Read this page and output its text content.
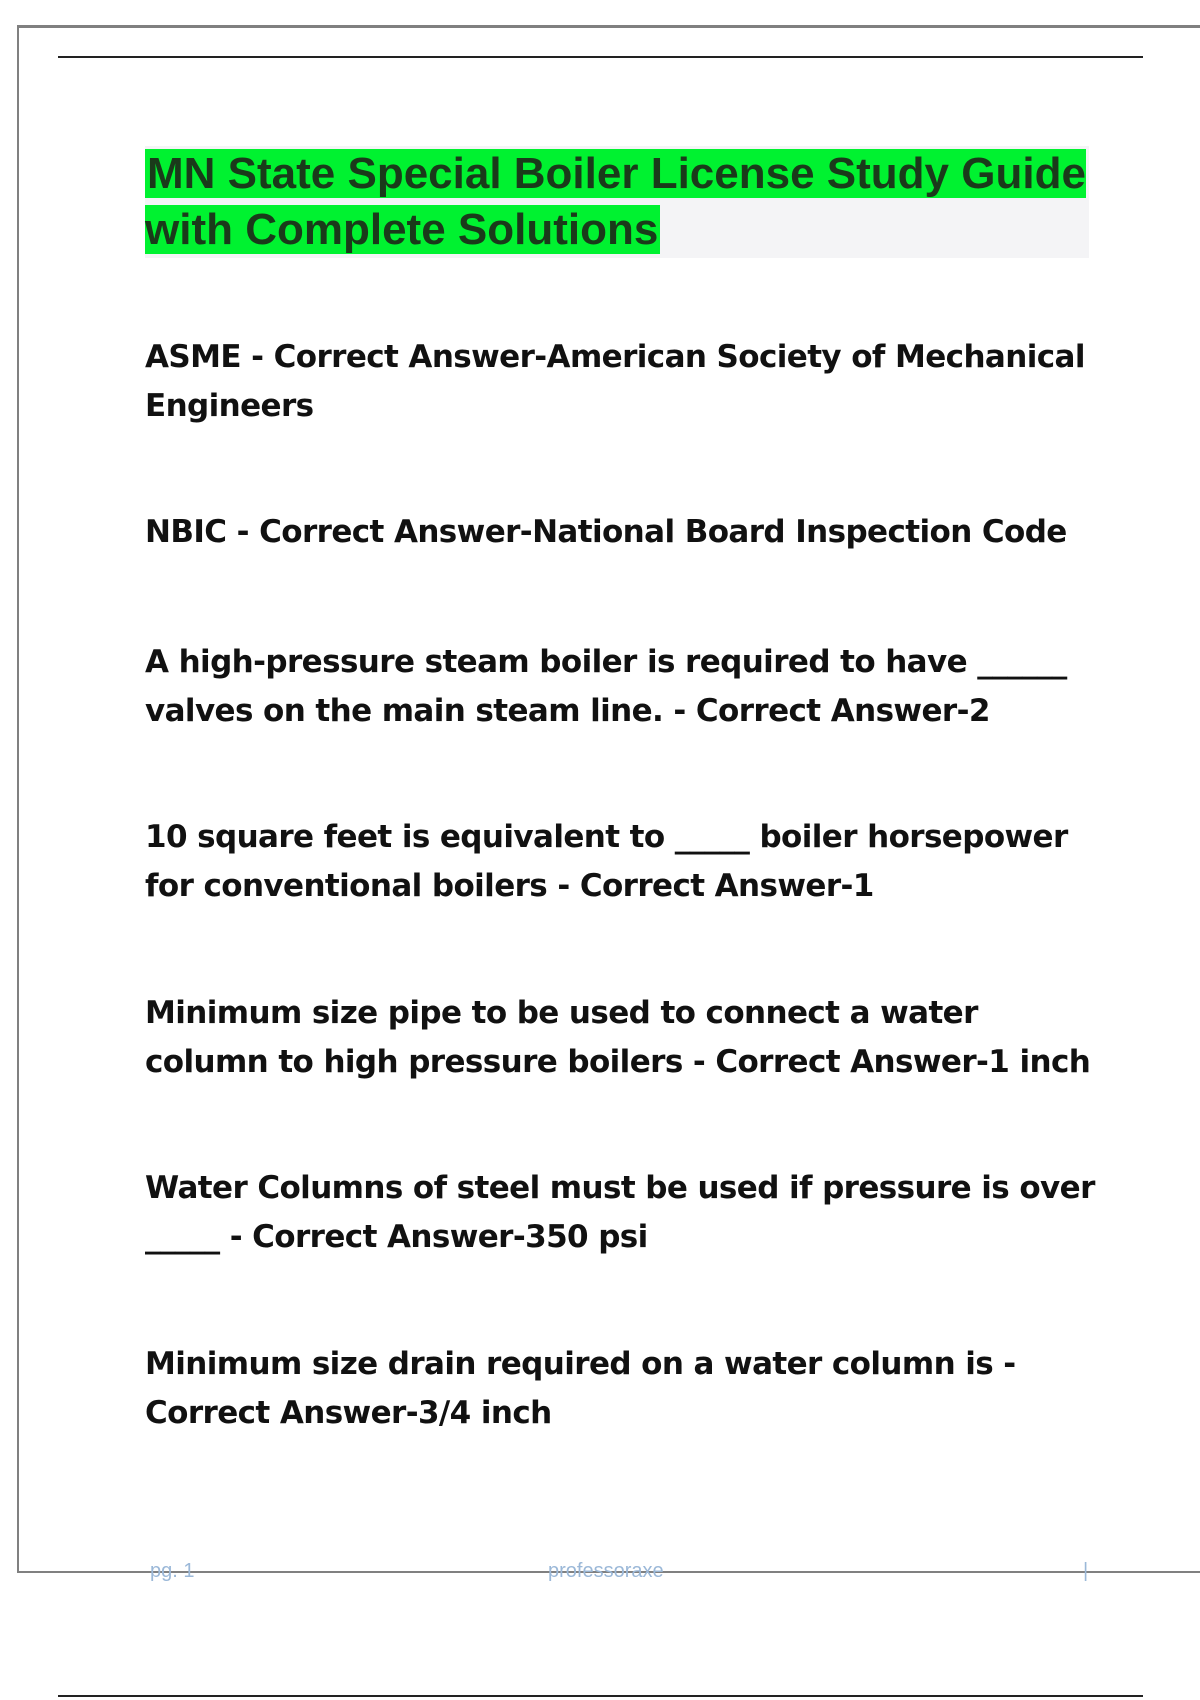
MN State Special Boiler License Study Guide with Complete Solutions

ASME - Correct Answer-American Society of Mechanical Engineers

NBIC - Correct Answer-National Board Inspection Code

A high-pressure steam boiler is required to have ______ valves on the main steam line. - Correct Answer-2

10 square feet is equivalent to _____ boiler horsepower for conventional boilers - Correct Answer-1

Minimum size pipe to be used to connect a water column to high pressure boilers - Correct Answer-1 inch

Water Columns of steel must be used if pressure is over _____ - Correct Answer-350 psi

Minimum size drain required on a water column is - Correct Answer-3/4 inch

pg. 1	professoraxe	|
